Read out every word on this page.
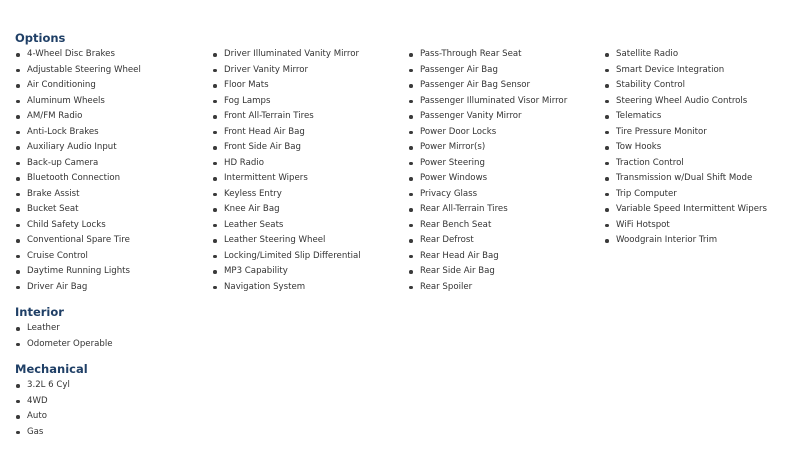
Options
4-Wheel Disc Brakes
Adjustable Steering Wheel
Air Conditioning
Aluminum Wheels
AM/FM Radio
Anti-Lock Brakes
Auxiliary Audio Input
Back-up Camera
Bluetooth Connection
Brake Assist
Bucket Seat
Child Safety Locks
Conventional Spare Tire
Cruise Control
Daytime Running Lights
Driver Air Bag
Driver Illuminated Vanity Mirror
Driver Vanity Mirror
Floor Mats
Fog Lamps
Front All-Terrain Tires
Front Head Air Bag
Front Side Air Bag
HD Radio
Intermittent Wipers
Keyless Entry
Knee Air Bag
Leather Seats
Leather Steering Wheel
Locking/Limited Slip Differential
MP3 Capability
Navigation System
Pass-Through Rear Seat
Passenger Air Bag
Passenger Air Bag Sensor
Passenger Illuminated Visor Mirror
Passenger Vanity Mirror
Power Door Locks
Power Mirror(s)
Power Steering
Power Windows
Privacy Glass
Rear All-Terrain Tires
Rear Bench Seat
Rear Defrost
Rear Head Air Bag
Rear Side Air Bag
Rear Spoiler
Satellite Radio
Smart Device Integration
Stability Control
Steering Wheel Audio Controls
Telematics
Tire Pressure Monitor
Tow Hooks
Traction Control
Transmission w/Dual Shift Mode
Trip Computer
Variable Speed Intermittent Wipers
WiFi Hotspot
Woodgrain Interior Trim
Interior
Leather
Odometer Operable
Mechanical
3.2L 6 Cyl
4WD
Auto
Gas
